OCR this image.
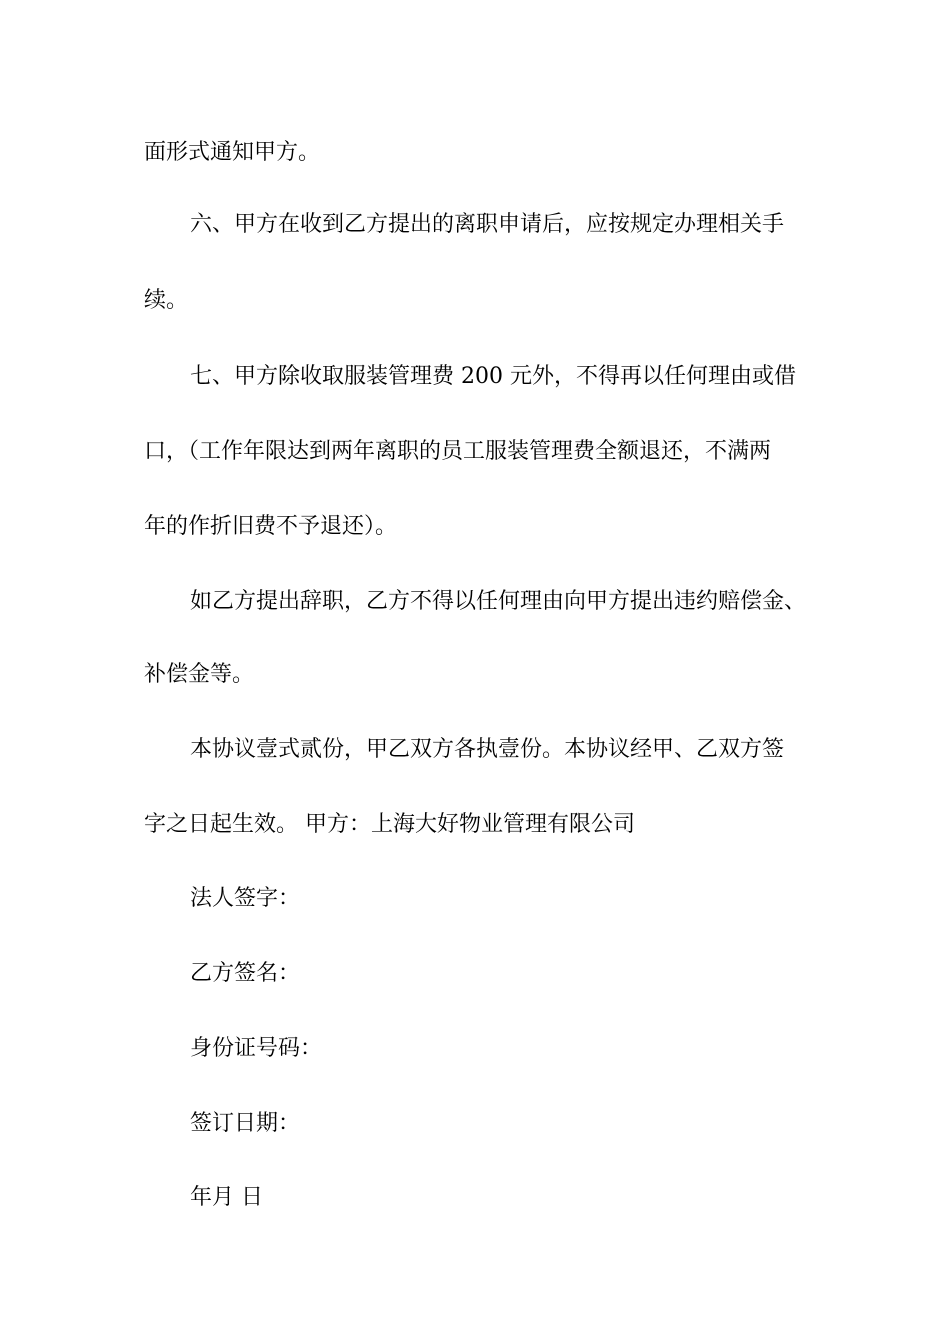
面形式通知甲方。
六、甲方在收到乙方提出的离职申请后，应按规定办理相关手
续。
七、甲方除收取服装管理费 200 元外，不得再以任何理由或借
口，（工作年限达到两年离职的员工服装管理费全额退还，不满两
年的作折旧费不予退还）。
如乙方提出辞职，乙方不得以任何理由向甲方提出违约赔偿金、
补偿金等。
本协议壹式贰份，甲乙双方各执壹份。本协议经甲、乙双方签
字之日起生效。 甲方：上海大好物业管理有限公司
法人签字：
乙方签名：
身份证号码：
签订日期：
年月 日
